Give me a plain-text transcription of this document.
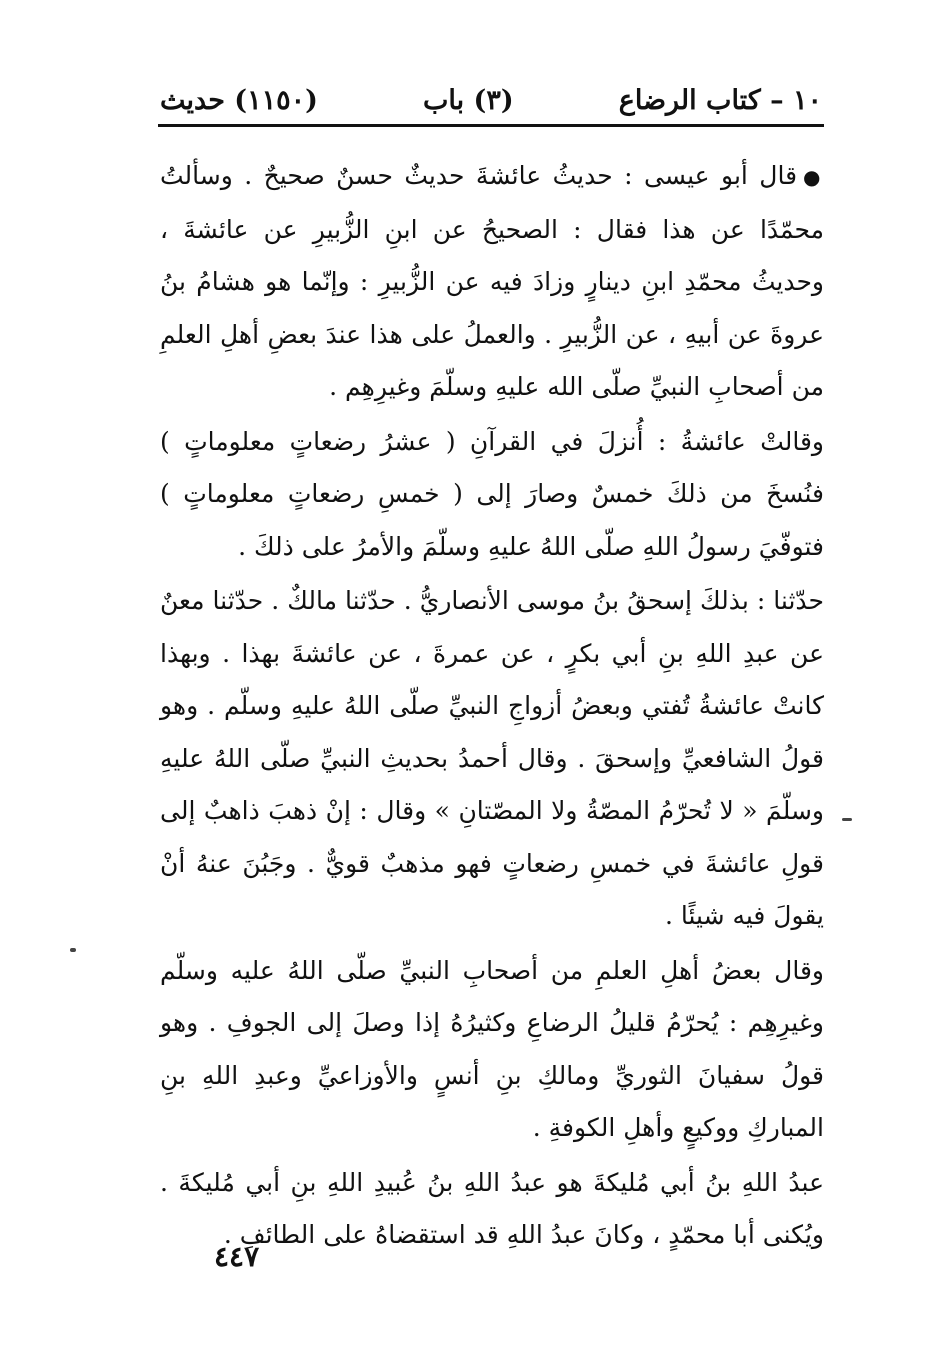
١٠ – كتاب الرضاع
(٣) باب
(١١٥٠) حديث

●قال أبو عيسى : حديثُ عائشةَ حديثٌ حسنٌ صحيحٌ . وسألتُ محمّدًا عن هذا فقال : الصحيحُ عن ابنِ الزُّبيرِ عن عائشةَ ، وحديثُ محمّدِ ابنِ دينارٍ وزادَ فيه عن الزُّبيرِ : وإنّما هو هشامُ بنُ عروةَ عن أبيهِ ، عن الزُّبيرِ . والعملُ على هذا عندَ بعضِ أهلِ العلمِ من أصحابِ النبيِّ صلّى الله عليهِ وسلّمَ وغيرِهِم .

وقالتْ عائشةُ : أُنزلَ في القرآنِ ( عشرُ رضعاتٍ معلوماتٍ ) فنُسخَ من ذلكَ خمسٌ وصارَ إلى ( خمسِ رضعاتٍ معلوماتٍ ) فتوفّيَ رسولُ اللهِ صلّى اللهُ عليهِ وسلّمَ والأمرُ على ذلكَ .

حدّثنا : بذلكَ إسحقُ بنُ موسى الأنصاريُّ . حدّثنا مالكٌ . حدّثنا معنٌ عن عبدِ اللهِ بنِ أبي بكرٍ ، عن عمرةَ ، عن عائشةَ بهذا . وبهذا كانتْ عائشةُ تُفتي وبعضُ أزواجِ النبيِّ صلّى اللهُ عليهِ وسلّم . وهو قولُ الشافعيِّ وإسحقَ . وقال أحمدُ بحديثِ النبيِّ صلّى اللهُ عليهِ وسلّمَ « لا تُحرّمُ المصّةُ ولا المصّتانِ » وقال : إنْ ذهبَ ذاهبٌ إلى قولِ عائشةَ في خمسِ رضعاتٍ فهو مذهبٌ قويٌّ . وجَبُنَ عنهُ أنْ يقولَ فيه شيئًا .

وقال بعضُ أهلِ العلمِ من أصحابِ النبيِّ صلّى اللهُ عليه وسلّم وغيرِهِم : يُحرّمُ قليلُ الرضاعِ وكثيرُهُ إذا وصلَ إلى الجوفِ . وهو قولُ سفيانَ الثوريِّ ومالكِ بنِ أنسٍ والأوزاعيِّ وعبدِ اللهِ بنِ المباركِ ووكيعٍ وأهلِ الكوفةِ .

عبدُ اللهِ بنُ أبي مُليكةَ هو عبدُ اللهِ بنُ عُبيدِ اللهِ بنِ أبي مُليكةَ . ويُكنى أبا محمّدٍ ، وكانَ عبدُ اللهِ قد استقضاهُ على الطائفِ .

٤٤٧
